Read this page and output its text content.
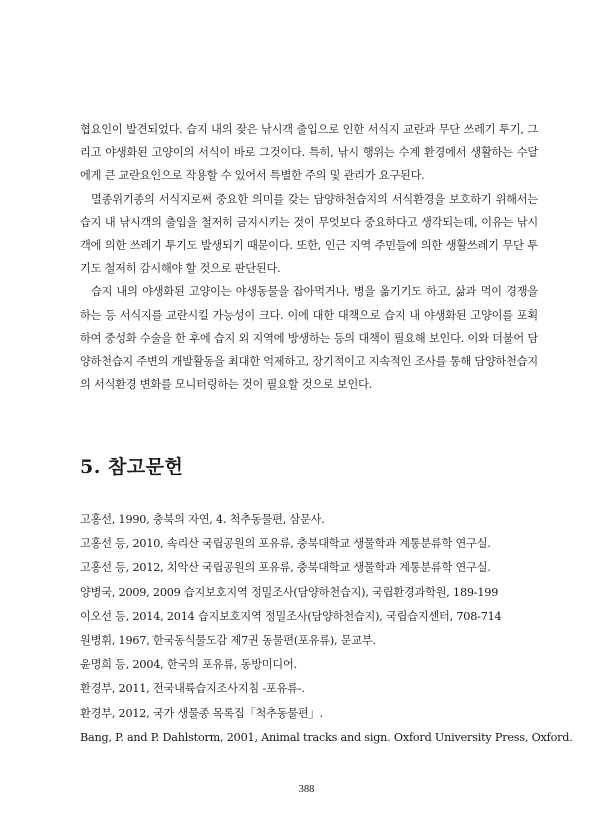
협요인이 발견되었다. 습지 내의 잦은 낚시객 출입으로 인한 서식지 교란과 무단 쓰레기 투기, 그리고 야생화된 고양이의 서식이 바로 그것이다. 특히, 낚시 행위는 수계 환경에서 생활하는 수달에게 큰 교란요인으로 작용할 수 있어서 특별한 주의 및 관리가 요구된다.

멸종위기종의 서식지로써 중요한 의미를 갖는 담양하천습지의 서식환경을 보호하기 위해서는 습지 내 낚시객의 출입을 철저히 금지시키는 것이 무엇보다 중요하다고 생각되는데, 이유는 낚시객에 의한 쓰레기 투기도 발생되기 때문이다. 또한, 인근 지역 주민들에 의한 생활쓰레기 무단 투기도 철저히 감시해야 할 것으로 판단된다.

습지 내의 야생화된 고양이는 야생동물을 잡아먹거나, 병을 옮기기도 하고, 삶과 먹이 경쟁을 하는 등 서식지를 교란시킬 가능성이 크다. 이에 대한 대책으로 습지 내 야생화된 고양이를 포획하여 중성화 수술을 한 후에 습지 외 지역에 방생하는 등의 대책이 필요해 보인다. 이와 더불어 담양하천습지 주변의 개발활동을 최대한 억제하고, 장기적이고 지속적인 조사를 통해 담양하천습지의 서식환경 변화를 모니터링하는 것이 필요할 것으로 보인다.

5. 참고문헌
고홍선, 1990, 충북의 자연, 4. 척추동물편, 삼문사.
고홍선 등, 2010, 속리산 국립공원의 포유류, 충북대학교 생물학과 계통분류학 연구실.
고홍선 등, 2012, 치악산 국립공원의 포유류, 충북대학교 생물학과 계통분류학 연구실.
양병국, 2009, 2009 습지보호지역 정밀조사(담양하천습지), 국립환경과학원, 189-199
이오선 등, 2014, 2014 습지보호지역 정밀조사(담양하천습지), 국립습지센터, 708-714
원병휘, 1967, 한국동식물도감 제7권 동물편(포유류), 문교부.
윤명희 등, 2004, 한국의 포유류, 동방미디어.
환경부, 2011, 전국내륙습지조사지침 -포유류-.
환경부, 2012, 국가 생물종 목록집「척추동물편」.
Bang, P. and P. Dahlstorm, 2001, Animal tracks and sign. Oxford University Press, Oxford.
388
